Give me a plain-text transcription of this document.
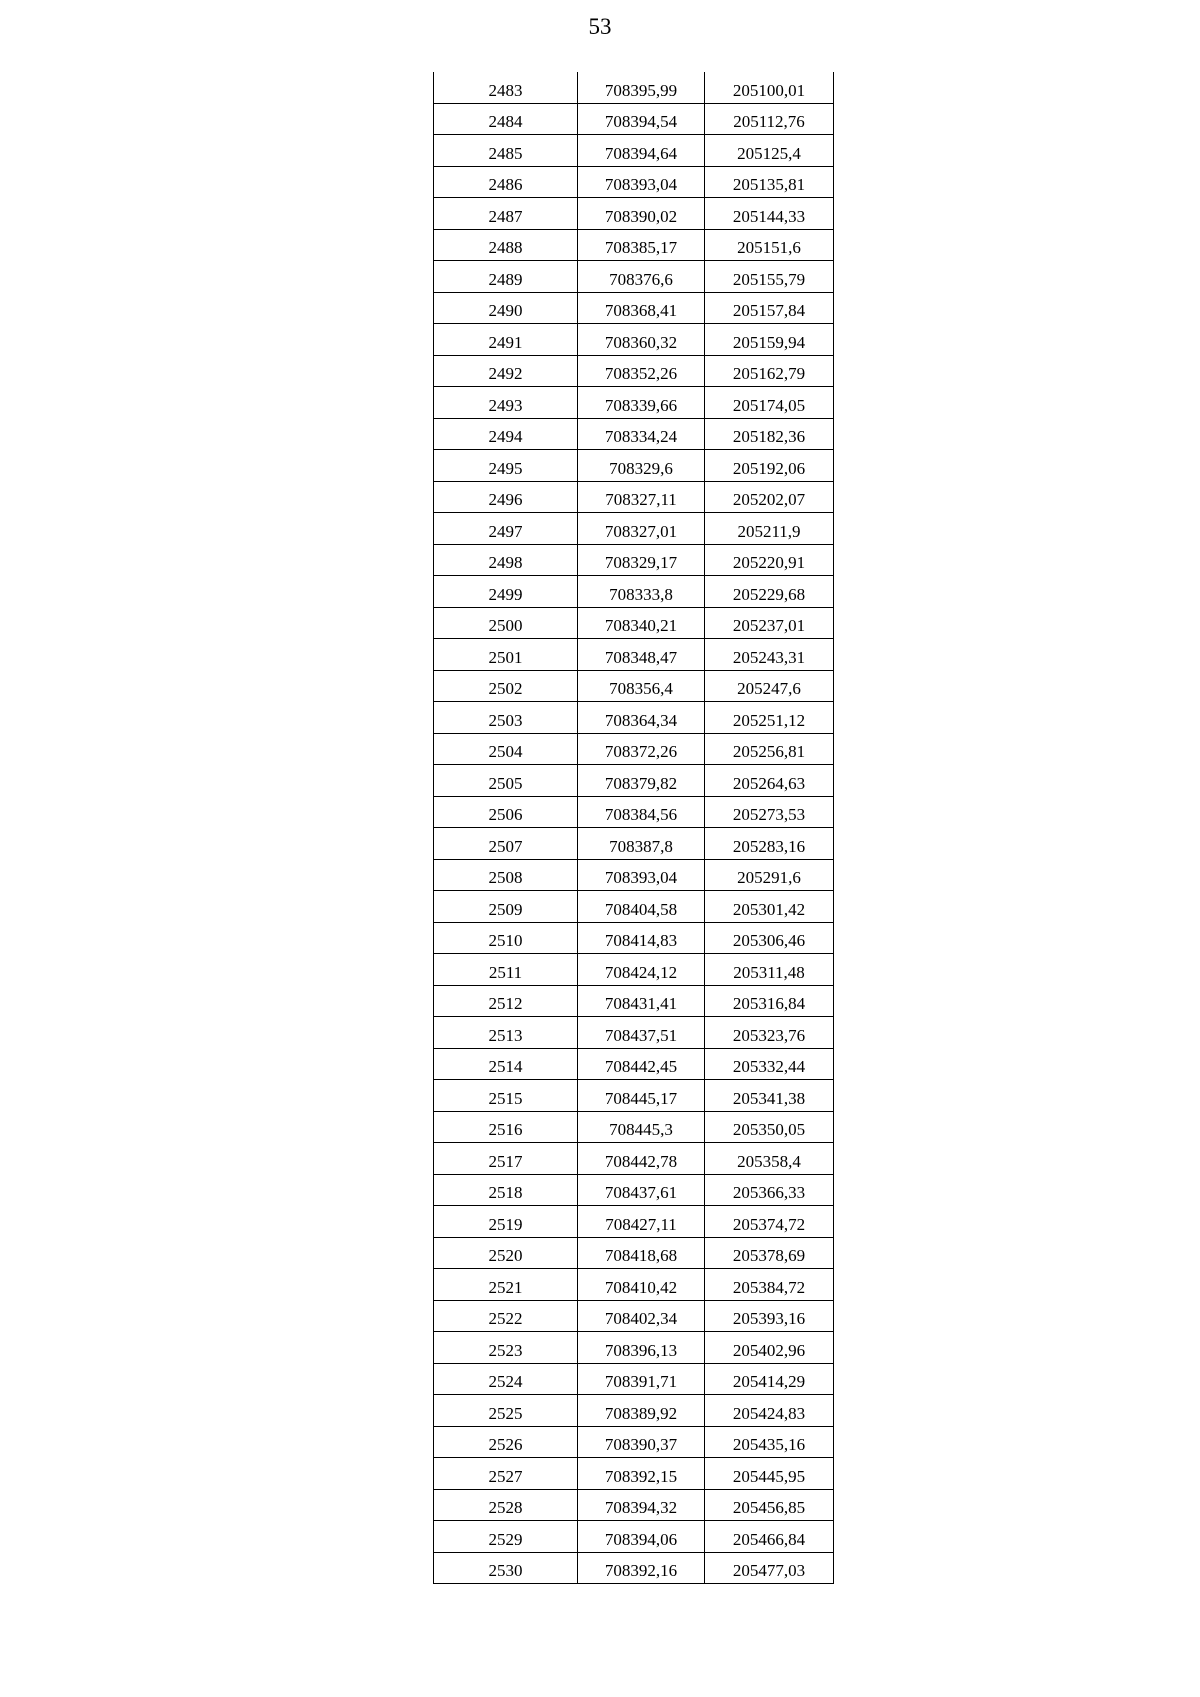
53
2483	708395,99	205100,01
2484	708394,54	205112,76
2485	708394,64	205125,4
2486	708393,04	205135,81
2487	708390,02	205144,33
2488	708385,17	205151,6
2489	708376,6	205155,79
2490	708368,41	205157,84
2491	708360,32	205159,94
2492	708352,26	205162,79
2493	708339,66	205174,05
2494	708334,24	205182,36
2495	708329,6	205192,06
2496	708327,11	205202,07
2497	708327,01	205211,9
2498	708329,17	205220,91
2499	708333,8	205229,68
2500	708340,21	205237,01
2501	708348,47	205243,31
2502	708356,4	205247,6
2503	708364,34	205251,12
2504	708372,26	205256,81
2505	708379,82	205264,63
2506	708384,56	205273,53
2507	708387,8	205283,16
2508	708393,04	205291,6
2509	708404,58	205301,42
2510	708414,83	205306,46
2511	708424,12	205311,48
2512	708431,41	205316,84
2513	708437,51	205323,76
2514	708442,45	205332,44
2515	708445,17	205341,38
2516	708445,3	205350,05
2517	708442,78	205358,4
2518	708437,61	205366,33
2519	708427,11	205374,72
2520	708418,68	205378,69
2521	708410,42	205384,72
2522	708402,34	205393,16
2523	708396,13	205402,96
2524	708391,71	205414,29
2525	708389,92	205424,83
2526	708390,37	205435,16
2527	708392,15	205445,95
2528	708394,32	205456,85
2529	708394,06	205466,84
2530	708392,16	205477,03
